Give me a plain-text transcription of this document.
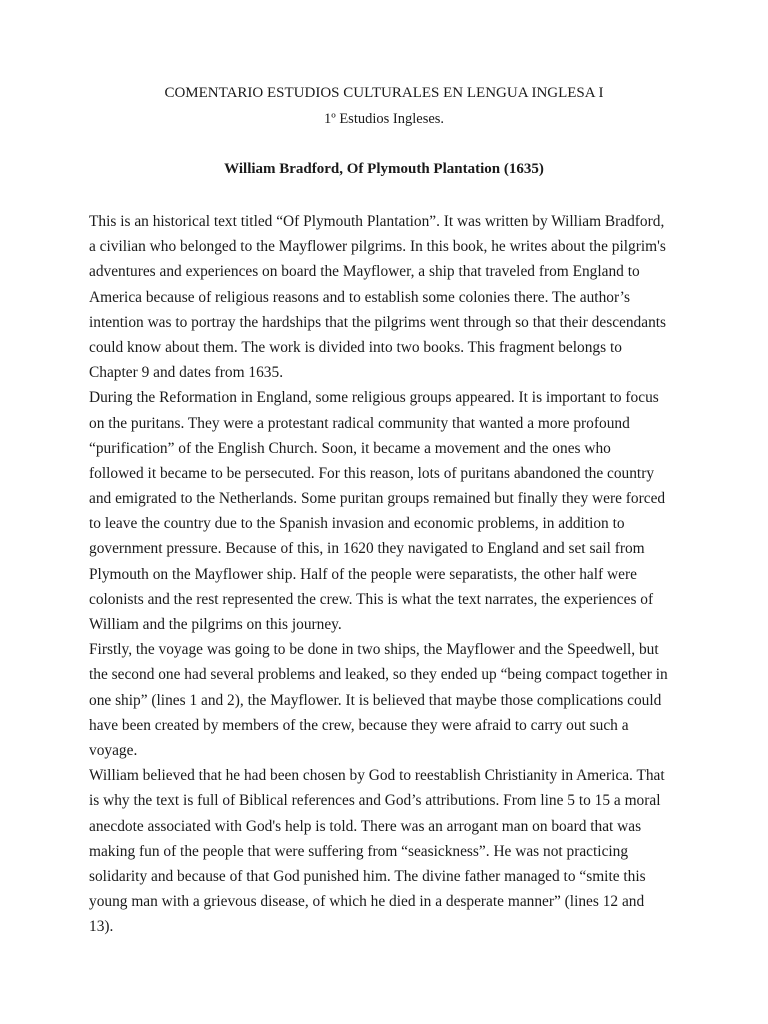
COMENTARIO ESTUDIOS CULTURALES EN LENGUA INGLESA I
1º Estudios Ingleses.
William Bradford, Of Plymouth Plantation (1635)
This is an historical text titled “Of Plymouth Plantation”. It was written by William Bradford,
a civilian who belonged to the Mayflower pilgrims. In this book, he writes about the pilgrim's
adventures and experiences on board the Mayflower, a ship that traveled from England to
America because of religious reasons and to establish some colonies there. The author’s
intention was to portray the hardships that the pilgrims went through so that their descendants
could know about them. The work is divided into two books. This fragment belongs to
Chapter 9 and dates from 1635.
During the Reformation in England, some religious groups appeared. It is important to focus
on the puritans. They were a protestant radical community that wanted a more profound
“purification” of the English Church. Soon, it became a movement and the ones who
followed it became to be persecuted. For this reason, lots of puritans abandoned the country
and emigrated to the Netherlands. Some puritan groups remained but finally they were forced
to leave the country due to the Spanish invasion and economic problems, in addition to
government pressure. Because of this, in 1620 they navigated to England and set sail from
Plymouth on the Mayflower ship. Half of the people were separatists, the other half were
colonists and the rest represented the crew. This is what the text narrates, the experiences of
William and the pilgrims on this journey.
Firstly, the voyage was going to be done in two ships, the Mayflower and the Speedwell, but
the second one had several problems and leaked, so they ended up “being compact together in
one ship” (lines 1 and 2), the Mayflower. It is believed that maybe those complications could
have been created by members of the crew, because they were afraid to carry out such a
voyage.
William believed that he had been chosen by God to reestablish Christianity in America. That
is why the text is full of Biblical references and God’s attributions. From line 5 to 15 a moral
anecdote associated with God's help is told. There was an arrogant man on board that was
making fun of the people that were suffering from “seasickness”. He was not practicing
solidarity and because of that God punished him. The divine father managed to “smite this
young man with a grievous disease, of which he died in a desperate manner” (lines 12 and
13).
